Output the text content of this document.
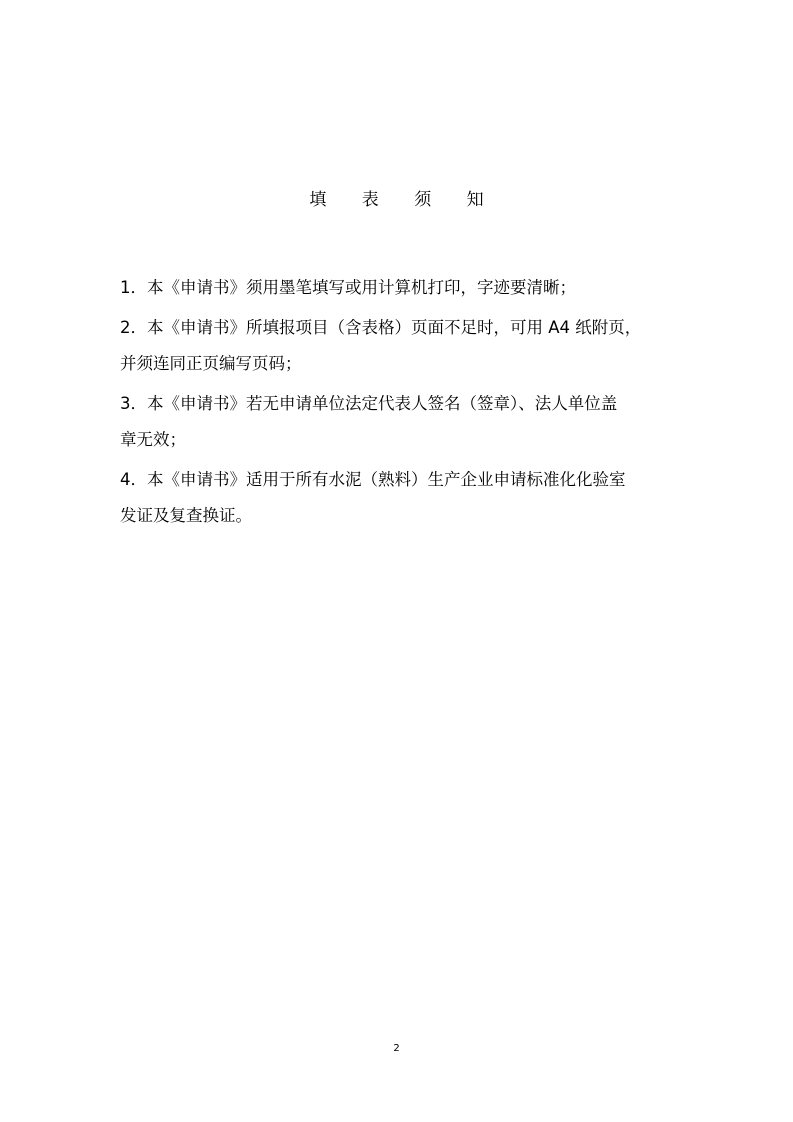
填 表 须 知

1．本《申请书》须用墨笔填写或用计算机打印，字迹要清晰；

2．本《申请书》所填报项目（含表格）页面不足时，可用 A4 纸附页，
并须连同正页编写页码；

3．本《申请书》若无申请单位法定代表人签名（签章）、法人单位盖
章无效；

4．本《申请书》适用于所有水泥（熟料）生产企业申请标准化化验室
发证及复查换证。

2
